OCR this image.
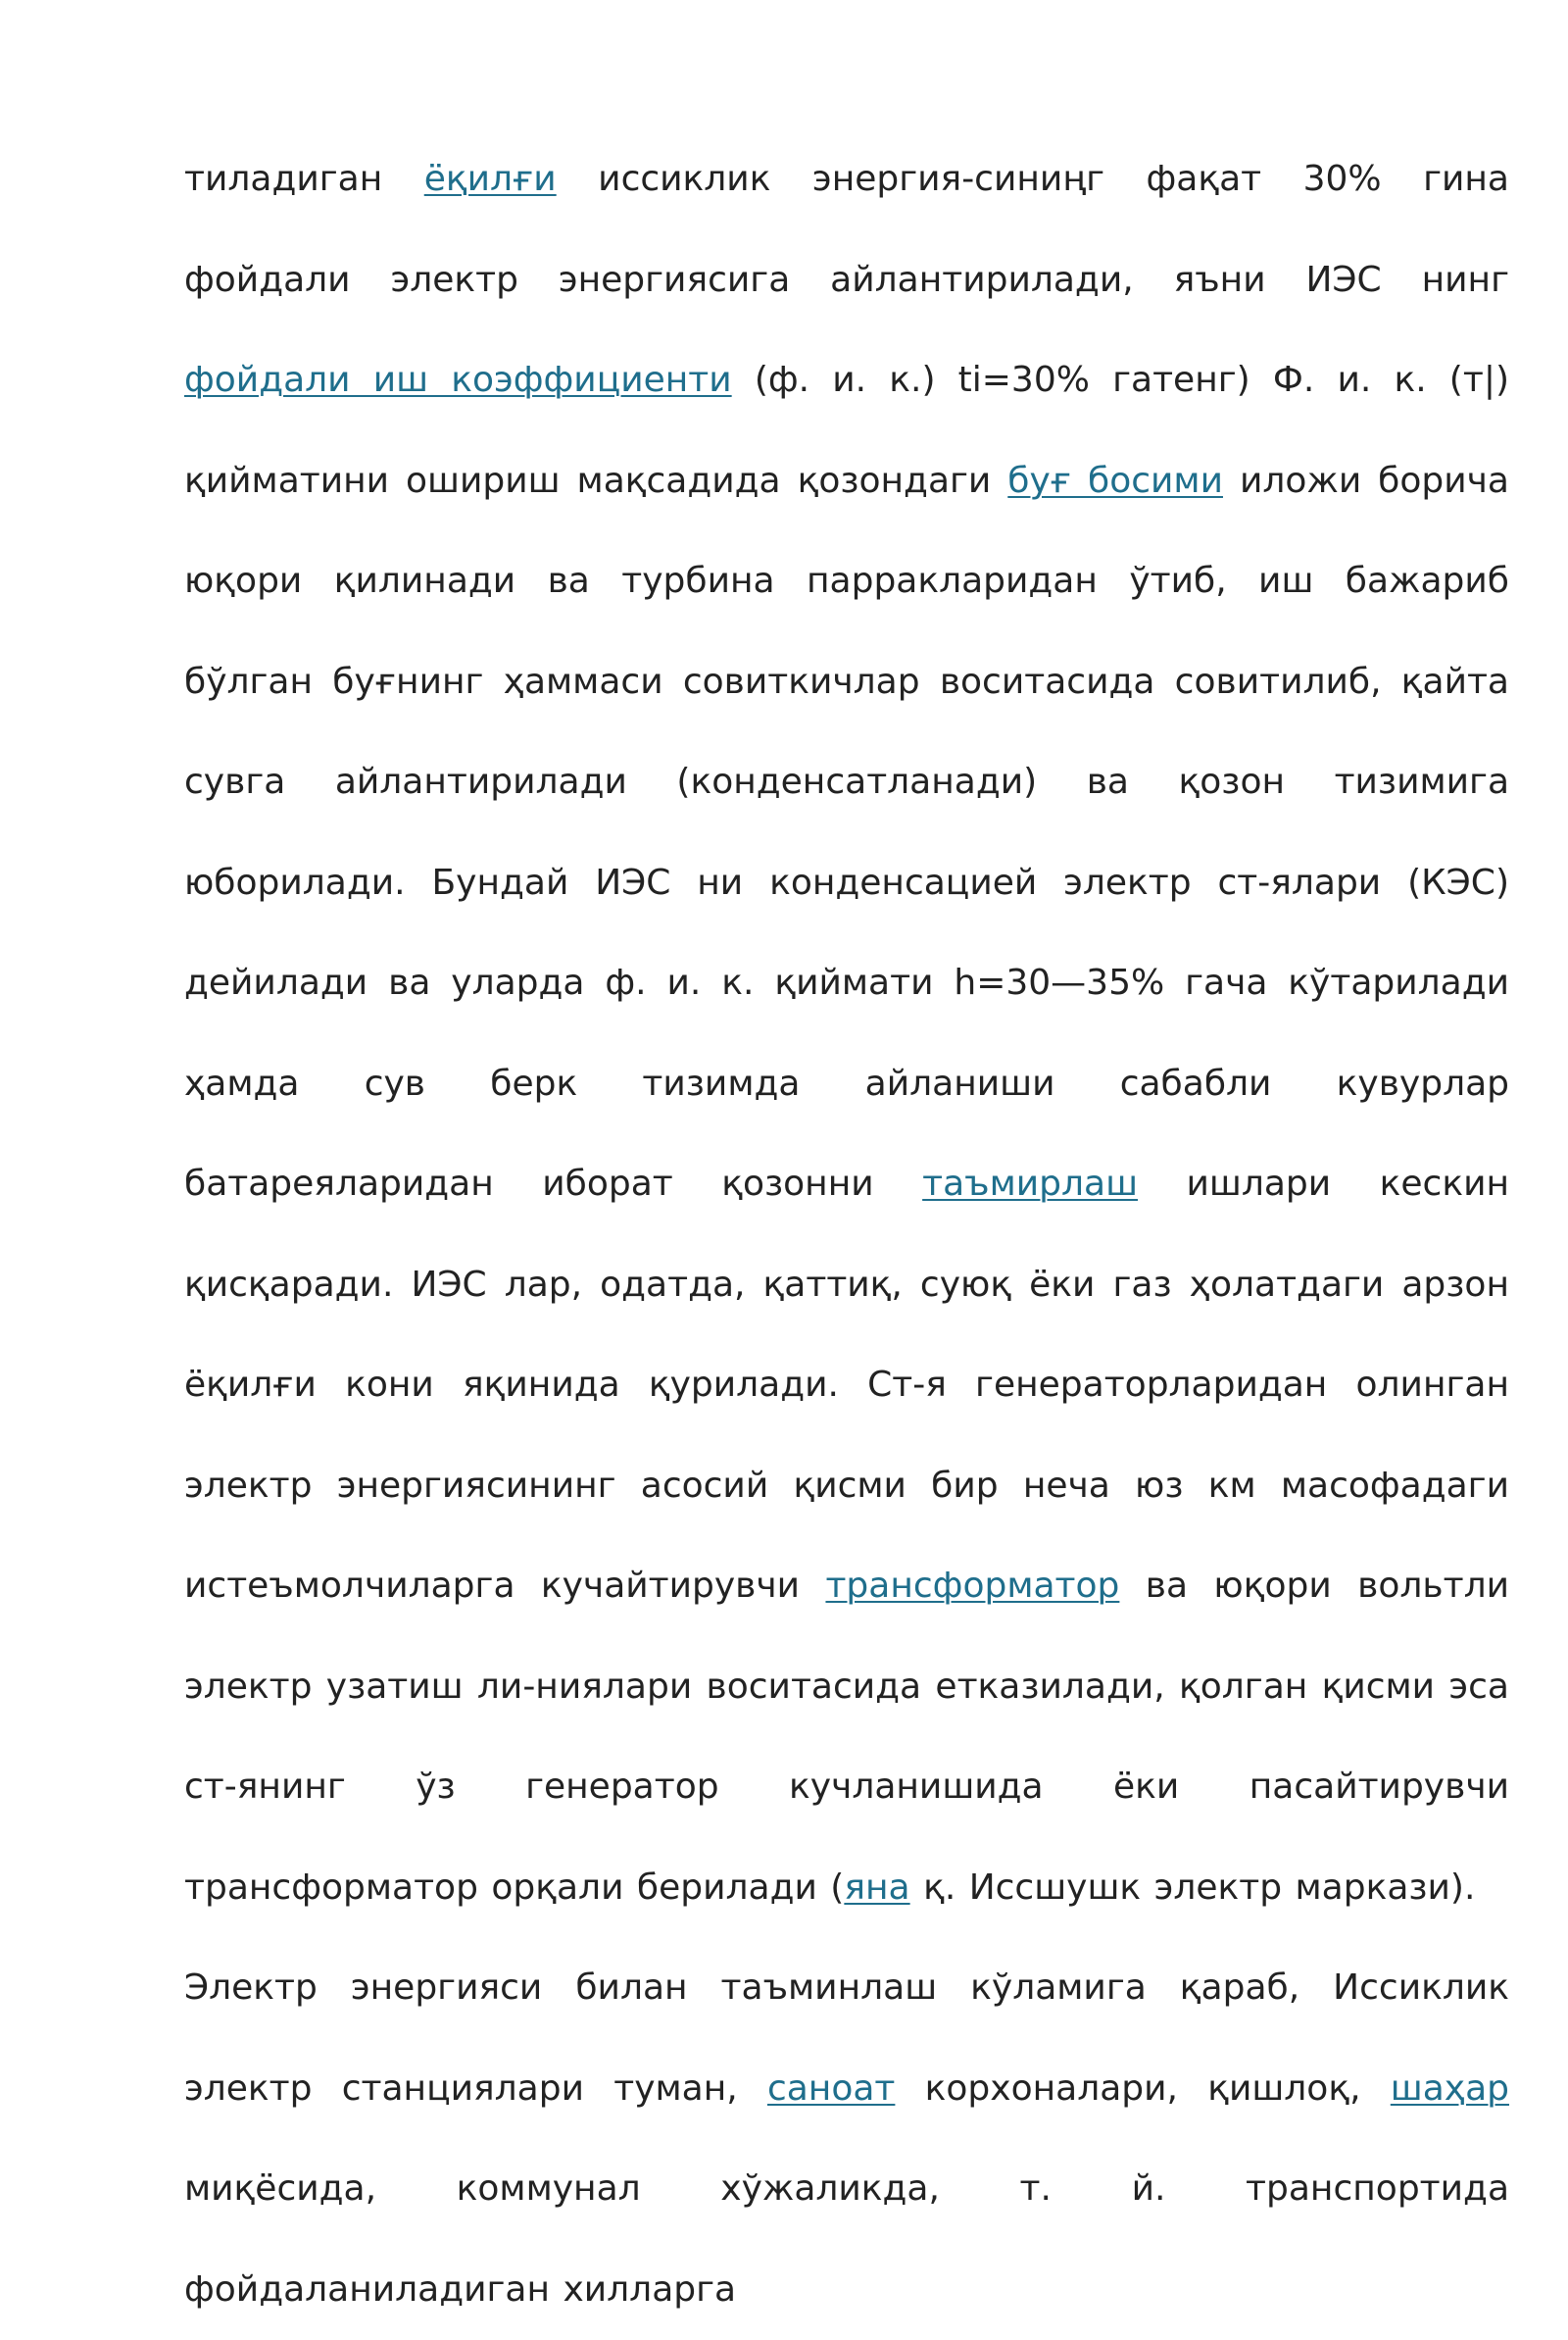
тиладиган ёқилғи иссиклик энергия-синиңг фақат 30% гина фойдали электр энергиясига айлантирилади, яъни ИЭС нинг фойдали иш коэффициенти (ф. и. к.) ti=30% гатенг) Ф. и. к. (т|) қийматини ошириш мақсадида қозондаги буғ босими иложи борича юқори қилинади ва турбина парракларидан ўтиб, иш бажариб бўлган буғнинг ҳаммаси совиткичлар воситасида совитилиб, қайта сувга айлантирилади (конденсатланади) ва қозон тизимига юборилади. Бундай ИЭС ни конденсацией электр ст-ялари (КЭС) дейилади ва уларда ф. и. к. қиймати h=30—35% гача кўтарилади ҳамда сув берк тизимда айланиши сабабли кувурлар батареяларидан иборат қозонни таъмирлаш ишлари кескин қисқаради. ИЭС лар, одатда, қаттиқ, суюқ ёки газ ҳолатдаги арзон ёқилғи кони яқинида қурилади. Ст-я генераторларидан олинган электр энергиясининг асосий қисми бир неча юз км масофадаги истеъмолчиларга кучайтирувчи трансформатор ва юқори вольтли электр узатиш ли-ниялари воситасида етказилади, қолган қисми эса ст-янинг ўз генератор кучланишида ёки пасайтирувчи трансформатор орқали берилади (яна қ. Иссшушк электр маркази).

Электр энергияси билан таъминлаш кўламига қараб, Иссиклик электр станциялари туман, саноат корхоналари, қишлоқ, шаҳар миқёсида, коммунал хўжаликда, т. й. транспортида фойдаланиладиган хилларга
